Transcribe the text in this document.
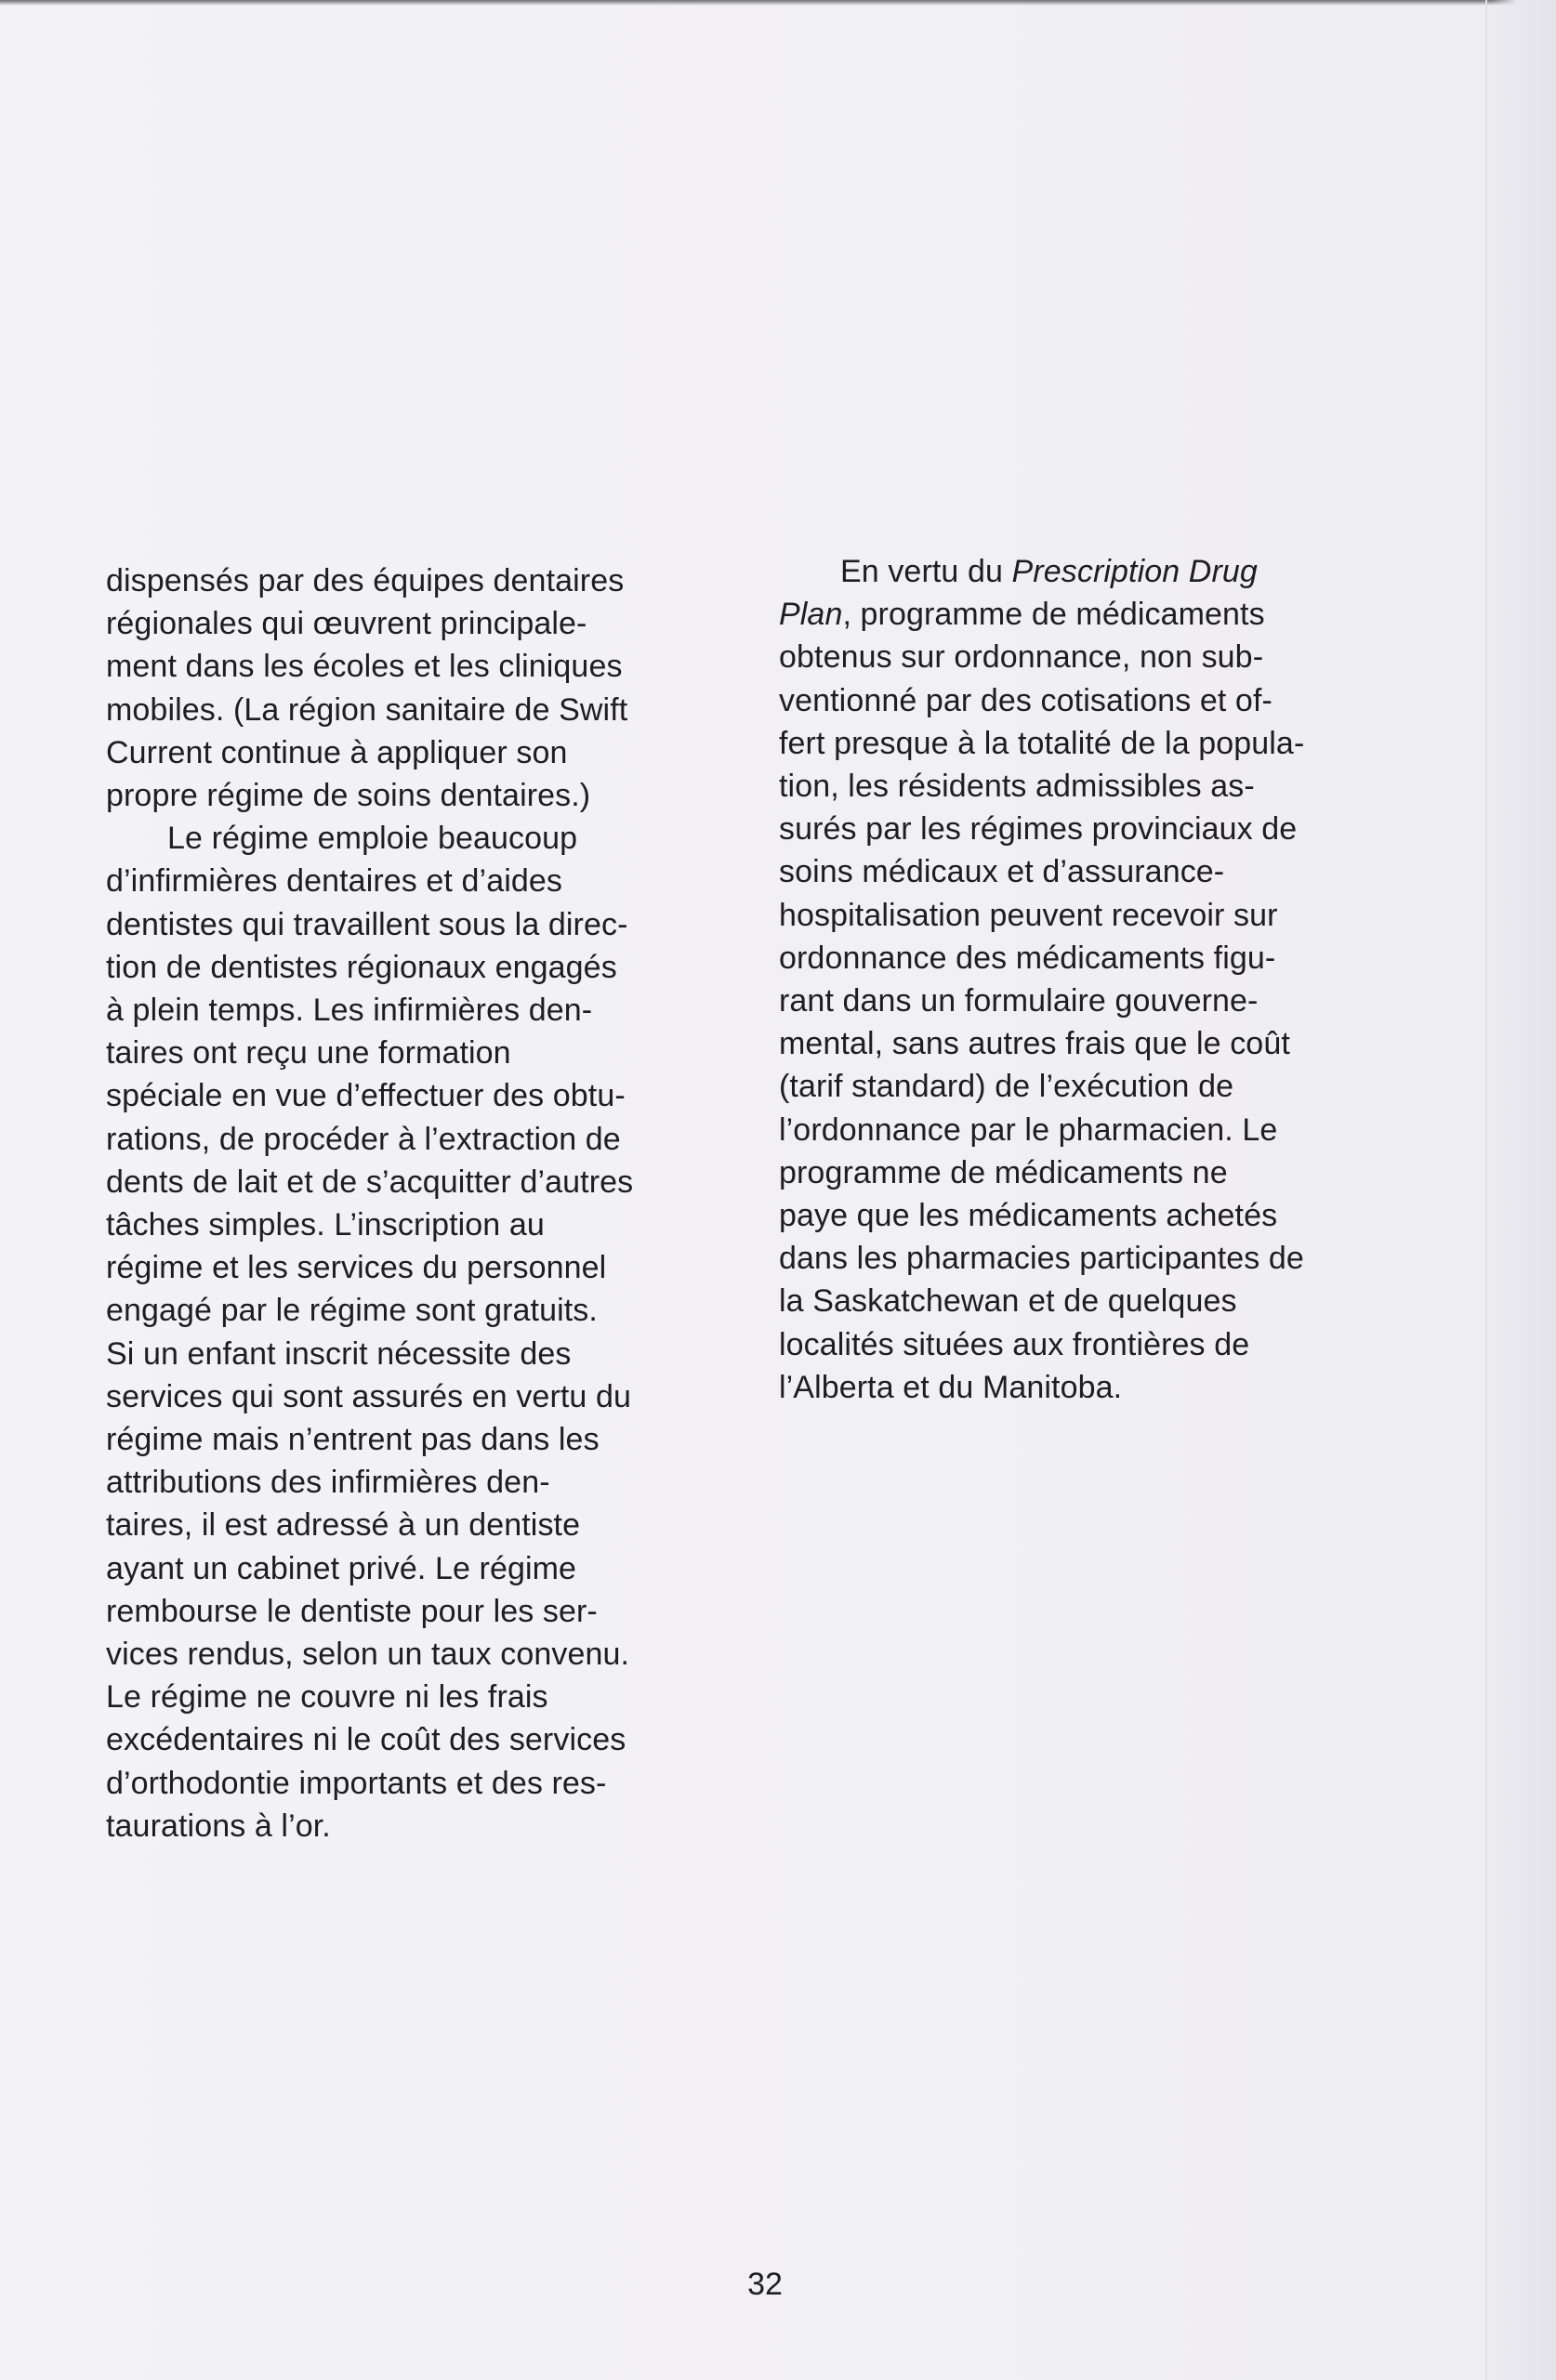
dispensés par des équipes dentaires
régionales qui œuvrent principale-
ment dans les écoles et les cliniques
mobiles. (La région sanitaire de Swift
Current continue à appliquer son
propre régime de soins dentaires.)
Le régime emploie beaucoup
d’infirmières dentaires et d’aides
dentistes qui travaillent sous la direc-
tion de dentistes régionaux engagés
à plein temps. Les infirmières den-
taires ont reçu une formation
spéciale en vue d’effectuer des obtu-
rations, de procéder à l’extraction de
dents de lait et de s’acquitter d’autres
tâches simples. L’inscription au
régime et les services du personnel
engagé par le régime sont gratuits.
Si un enfant inscrit nécessite des
services qui sont assurés en vertu du
régime mais n’entrent pas dans les
attributions des infirmières den-
taires, il est adressé à un dentiste
ayant un cabinet privé. Le régime
rembourse le dentiste pour les ser-
vices rendus, selon un taux convenu.
Le régime ne couvre ni les frais
excédentaires ni le coût des services
d’orthodontie importants et des res-
taurations à l’or.
En vertu du Prescription Drug
Plan, programme de médicaments
obtenus sur ordonnance, non sub-
ventionné par des cotisations et of-
fert presque à la totalité de la popula-
tion, les résidents admissibles as-
surés par les régimes provinciaux de
soins médicaux et d’assurance-
hospitalisation peuvent recevoir sur
ordonnance des médicaments figu-
rant dans un formulaire gouverne-
mental, sans autres frais que le coût
(tarif standard) de l’exécution de
l’ordonnance par le pharmacien. Le
programme de médicaments ne
paye que les médicaments achetés
dans les pharmacies participantes de
la Saskatchewan et de quelques
localités situées aux frontières de
l’Alberta et du Manitoba.
32
